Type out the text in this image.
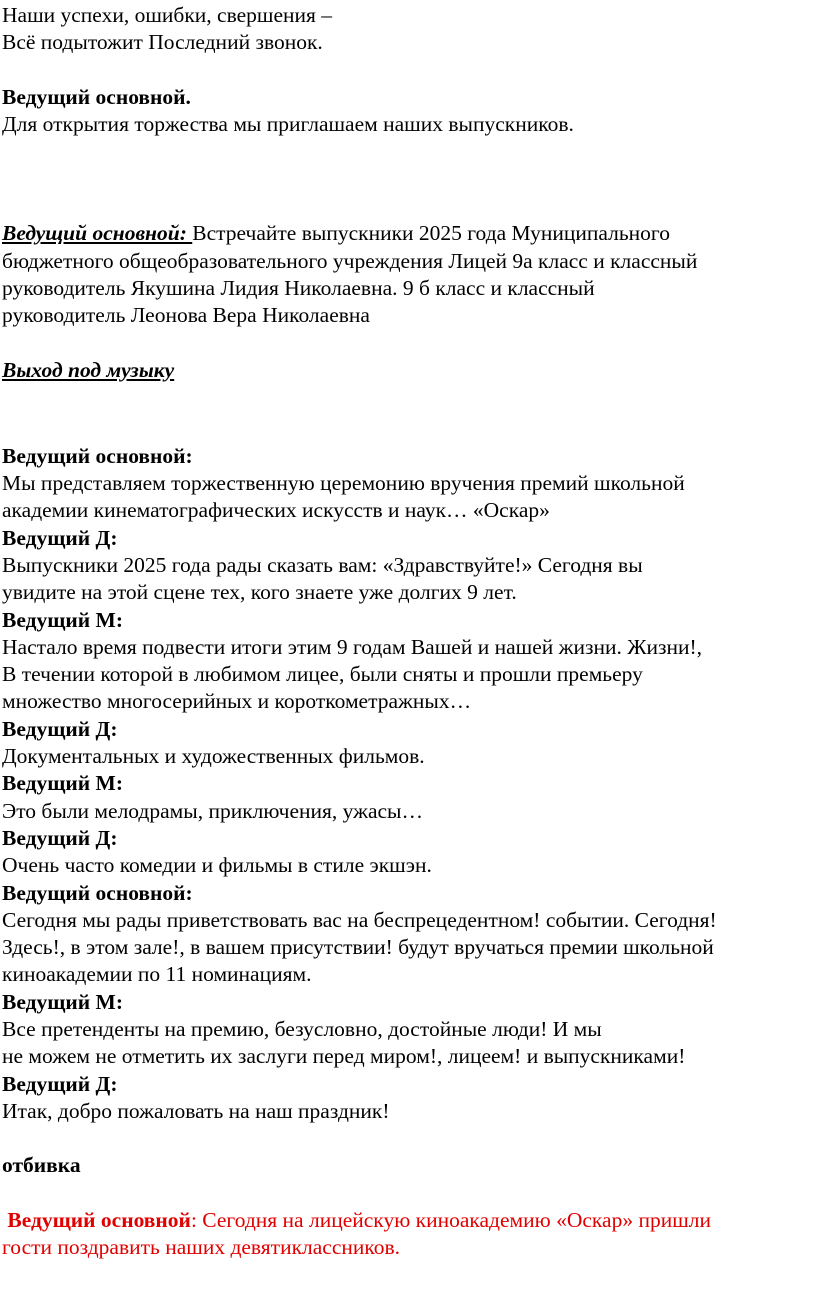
Наши успехи, ошибки, свершения –
Всё подытожит Последний звонок.
Ведущий основной.
Для открытия торжества мы приглашаем наших выпускников.
Ведущий основной: Встречайте выпускники 2025 года Муниципального
бюджетного общеобразовательного учреждения Лицей 9а класс и классный
руководитель Якушина Лидия Николаевна. 9 б класс и классный
руководитель Леонова Вера Николаевна
Выход под музыку
Ведущий основной:
Мы представляем торжественную церемонию вручения премий школьной
академии кинематографических искусств и наук… «Оскар»
Ведущий Д:
Выпускники 2025 года рады сказать вам: «Здравствуйте!» Сегодня вы
увидите на этой сцене тех, кого знаете уже долгих 9 лет.
Ведущий М:
Настало время подвести итоги этим 9 годам Вашей и нашей жизни. Жизни!,
В течении которой в любимом лицее, были сняты и прошли премьеру
множество многосерийных и короткометражных…
Ведущий Д:
Документальных и художественных фильмов.
Ведущий М:
Это были мелодрамы, приключения, ужасы…
Ведущий Д:
Очень часто комедии и фильмы в стиле экшэн.
Ведущий основной:
Сегодня мы рады приветствовать вас на беспрецедентном! событии. Сегодня!
Здесь!, в этом зале!, в вашем присутствии! будут вручаться премии школьной
киноакадемии по 11 номинациям.
Ведущий М:
Все претенденты на премию, безусловно, достойные люди! И мы
не можем не отметить их заслуги перед миром!, лицеем! и выпускниками!
Ведущий Д:
Итак, добро пожаловать на наш праздник!
отбивка
Ведущий основной: Сегодня на лицейскую киноакадемию «Оскар» пришли
гости поздравить наших девятиклассников.
